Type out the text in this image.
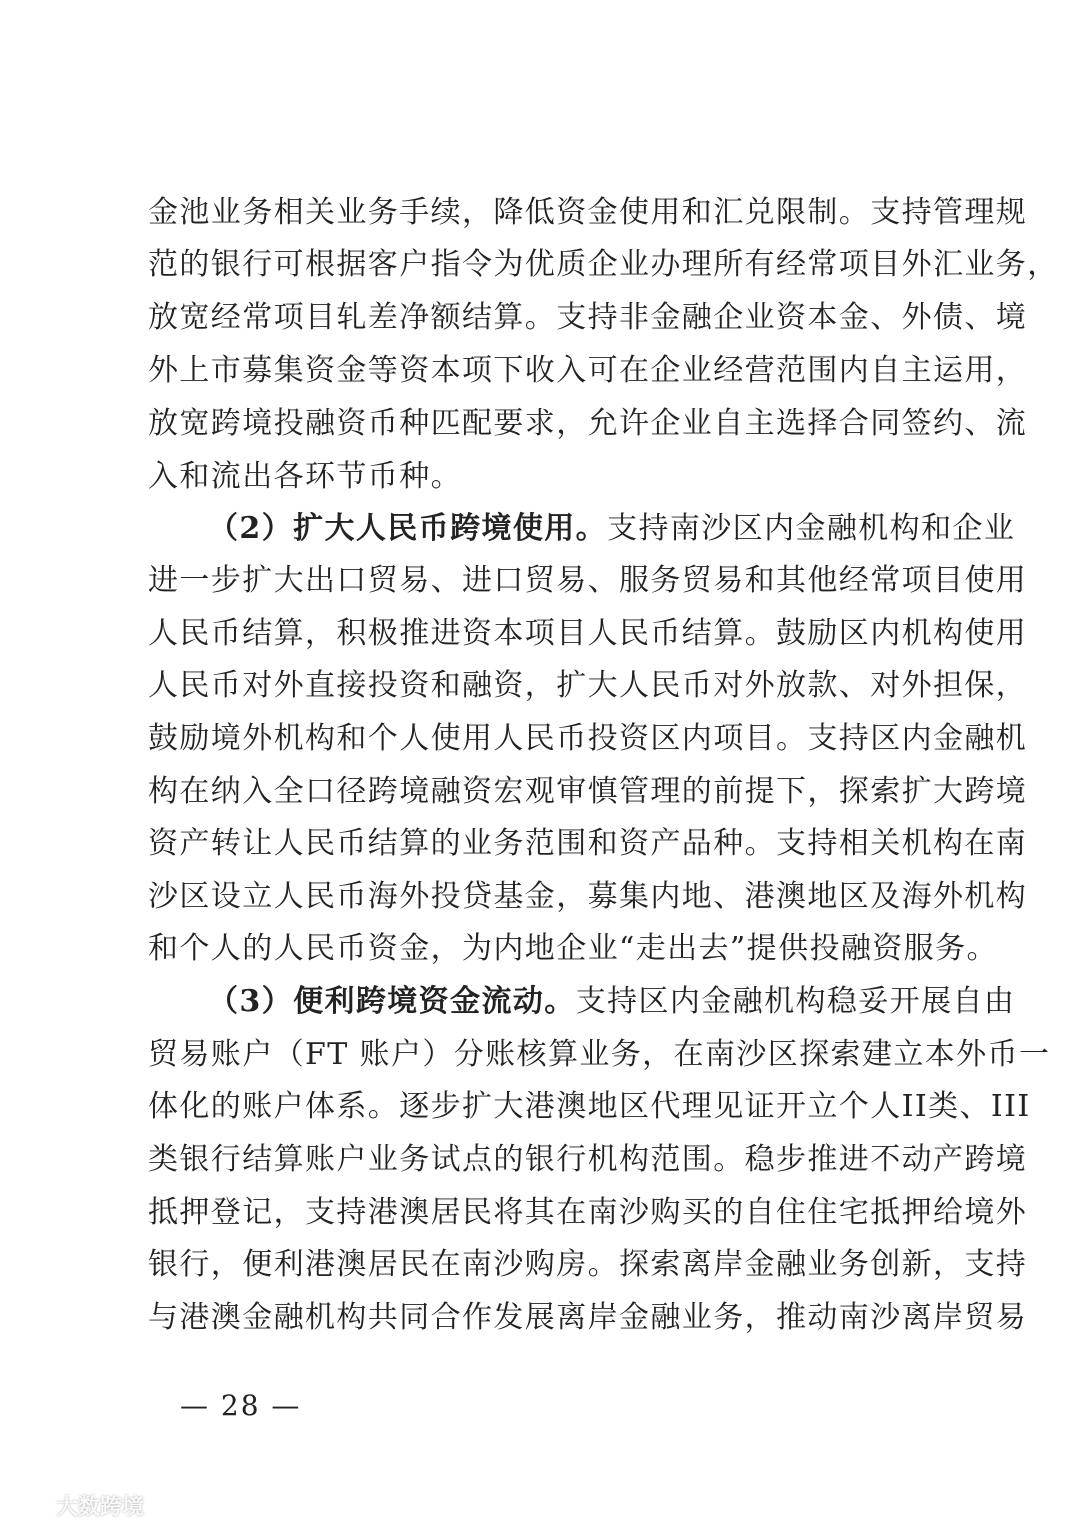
金池业务相关业务手续，降低资金使用和汇兑限制。支持管理规
范的银行可根据客户指令为优质企业办理所有经常项目外汇业务，
放宽经常项目轧差净额结算。支持非金融企业资本金、外债、境
外上市募集资金等资本项下收入可在企业经营范围内自主运用，
放宽跨境投融资币种匹配要求，允许企业自主选择合同签约、流
入和流出各环节币种。
（2）扩大人民币跨境使用。支持南沙区内金融机构和企业
进一步扩大出口贸易、进口贸易、服务贸易和其他经常项目使用
人民币结算，积极推进资本项目人民币结算。鼓励区内机构使用
人民币对外直接投资和融资，扩大人民币对外放款、对外担保，
鼓励境外机构和个人使用人民币投资区内项目。支持区内金融机
构在纳入全口径跨境融资宏观审慎管理的前提下，探索扩大跨境
资产转让人民币结算的业务范围和资产品种。支持相关机构在南
沙区设立人民币海外投贷基金，募集内地、港澳地区及海外机构
和个人的人民币资金，为内地企业“走出去”提供投融资服务。
（3）便利跨境资金流动。支持区内金融机构稳妥开展自由
贸易账户（FT 账户）分账核算业务，在南沙区探索建立本外币一
体化的账户体系。逐步扩大港澳地区代理见证开立个人II类、III
类银行结算账户业务试点的银行机构范围。稳步推进不动产跨境
抵押登记，支持港澳居民将其在南沙购买的自住住宅抵押给境外
银行，便利港澳居民在南沙购房。探索离岸金融业务创新，支持
与港澳金融机构共同合作发展离岸金融业务，推动南沙离岸贸易
— 28 —
大数跨境
